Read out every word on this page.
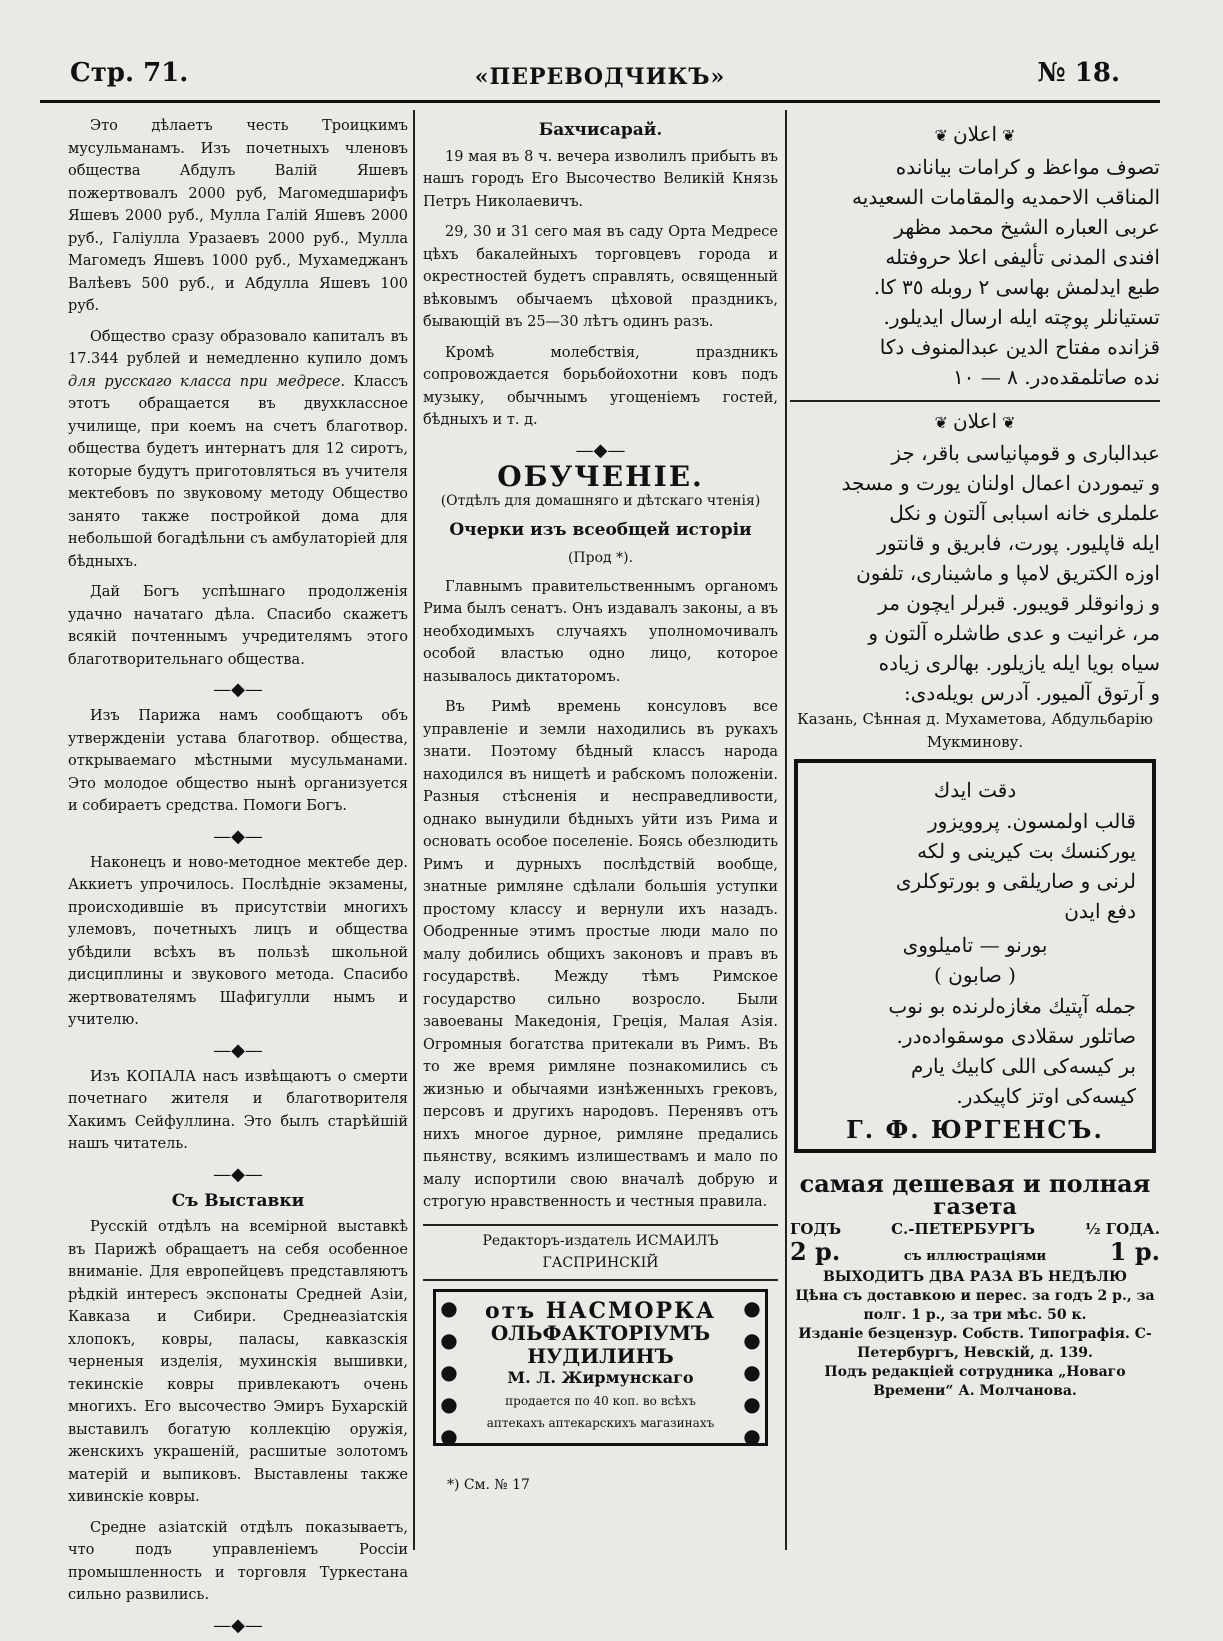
Стр. 71.	«ПЕРЕВОДЧИКЪ»	№ 18.

Это дѣлаетъ честь Троицкимъ мусульманамъ. Изъ почетныхъ членовъ общества Абдулъ Валій Яшевъ пожертвовалъ 2000 руб, Магомедшарифъ Яшевъ 2000 руб., Мулла Галій Яшевъ 2000 руб., Галіулла Уразаевъ 2000 руб., Мулла Магомедъ Яшевъ 1000 руб., Мухамеджанъ Валѣевъ 500 руб., и Абдулла Яшевъ 100 руб.

Общество сразу образовало капиталъ въ 17.344 рублей и немедленно купило домъ для русскаго класса при медресе. Классъ этотъ обращается въ двухклассное училище, при коемъ на счетъ благотвор. общества будетъ интернатъ для 12 сиротъ, которые будутъ приготовляться въ учителя мектебовъ по звуковому методу Общество занято также постройкой дома для небольшой богадѣльни съ амбулаторіей для бѣдныхъ.

Дай Богъ успѣшнаго продолженія удачно начатаго дѣла. Спасибо скажетъ всякій почтеннымъ учредителямъ этого благотворительнаго общества.

—◆—

Изъ Парижа намъ сообщаютъ объ утвержденіи устава благотвор. общества, открываемаго мѣстными мусульманами. Это молодое общество нынѣ организуется и собираетъ средства. Помоги Богъ.

—◆—

Наконецъ и ново-методное мектебе дер. Аккиетъ упрочилось. Послѣдніе экзамены, происходившіе въ присутствіи многихъ улемовъ, почетныхъ лицъ и общества убѣдили всѣхъ въ пользѣ школьной дисциплины и звукового метода. Спасибо жертвователямъ Шафигулли нымъ и учителю.

—◆—

Изъ КОПАЛА насъ извѣщаютъ о смерти почетнаго жителя и благотворителя Хакимъ Сейфуллина. Это былъ старѣйшій нашъ читатель.

—◆—
Съ Выставки

Русскій отдѣлъ на всемірной выставкѣ въ Парижѣ обращаетъ на себя особенное вниманіе. Для европейцевъ представляютъ рѣдкій интересъ экспонаты Средней Азіи, Кавказа и Сибири. Среднеазіатскія хлопокъ, ковры, паласы, кавказскія черненыя изделія, мухинскія вышивки, текинскіе ковры привлекаютъ очень многихъ. Его высочество Эмиръ Бухарскій выставилъ богатую коллекцію оружія, женскихъ украшеній, расшитые золотомъ матерій и выпиковъ. Выставлены также хивинскіе ковры.

Средне азіатскій отдѣлъ показываетъ, что подъ управленіемъ Россіи промышленность и торговля Туркестана сильно развились.

—◆—
Бахчисарай.

19 мая въ 8 ч. вечера изволилъ прибыть въ нашъ городъ Его Высочество Великій Князь Петръ Николаевичъ.

29, 30 и 31 сего мая въ саду Орта Медресе цѣхъ бакалейныхъ торговцевъ города и окрестностей будетъ справлять, освященный вѣковымъ обычаемъ цѣховой праздникъ, бывающій въ 25—30 лѣтъ одинъ разъ.

Кромѣ молебствія, праздникъ сопровождается борьбойохотни ковъ подъ музыку, обычнымъ угощеніемъ гостей, бѣдныхъ и т. д.

—◆—
ОБУЧЕНІЕ.
(Отдѣлъ для домашняго и дѣтскаго чтенія)
Очерки изъ всеобщей исторіи
(Прод *).

Главнымъ правительственнымъ органомъ Рима былъ сенатъ. Онъ издавалъ законы, а въ необходимыхъ случаяхъ уполномочивалъ особой властью одно лицо, которое называлось диктаторомъ.

Въ Римѣ времень консуловъ все управленіе и земли находились въ рукахъ знати. Поэтому бѣдный классъ народа находился въ нищетѣ и рабскомъ положеніи. Разныя стѣсненія и несправедливости, однако вынудили бѣдныхъ уйти изъ Рима и основать особое поселеніе. Боясь обезлюдить Римъ и дурныхъ послѣдствій вообще, знатные римляне сдѣлали большія уступки простому классу и вернули ихъ назадъ. Ободренные этимъ простые люди мало по малу добились общихъ законовъ и правъ въ государствѣ. Между тѣмъ Римское государство сильно возросло. Были завоеваны Македонія, Греція, Малая Азія. Огромныя богатства притекали въ Римъ. Въ то же время римляне познакомились съ жизнью и обычаями изнѣженныхъ грековъ, персовъ и другихъ народовъ. Перенявъ отъ нихъ многое дурное, римляне предались пьянству, всякимъ излишествамъ и мало по малу испортили свою вначалѣ добрую и строгую нравственность и честныя правила.

Редакторъ-издатель ИСМАИЛЪ ГАСПРИНСКІЙ
●
●
●
●
●
●
●
●
●
●
отъ НАСМОРКА
ОЛЬФАКТОРІУМЪ НУДИЛИНЪ
М. Л. Жирмунскаго
продается по 40 коп. во всѣхъ аптекахъ аптекарскихъ магазинахъ
*) См. № 17
❦ اعلان ❦
تصوف مواعظ و كرامات بيانانده
المناقب الاحمديه والمقامات السعيديه
عربى العباره الشيخ محمد مظهر
افندى المدنى تأليفى اعلا حروفتله
طبع ايدلمش بهاسى ٢ روبله ٣٥ كا.
تستيانلر پوچته ايله ارسال ايديلور.
قزانده مفتاح الدين عبدالمنوف دكا
نده صاتلمقده‌در. ٨ — ١٠
❦ اعلان ❦
عبدالبارى و قومپانياسى باقر، جز
و تيموردن اعمال اولنان يورت و مسجد
علملرى خانه اسبابى آلتون و نكل
ايله قاپليور. پورت، فابريق و قانتور
اوزه الكتريق لامپا و ماشينارى، تلفون
و زوانوقلر قويبور. قبرلر ايچون مر
مر، غرانيت و عدى طاشلره آلتون و
سياه بويا ايله يازيلور. بهالرى زياده
و آرتوق آلميور. آدرس بويله‌دى:
Казань, Сѣнная д. Мухаметова, Абдульбарію Мукминову.
دقت ايدك
قالب اولمسون. پروويزور
يوركنسك بت كيرينى و لكه
لرنى و صاريلقى و بورتوكلرى
دفع ايدن
بورنو — تاميلووى
( صابون )
جمله آپتيك مغازه‌لرنده بو نوب
صاتلور سقلادى موسقواده‌در.
بر كيسه‌كى اللى كابيك يارم
كيسه‌كى اوتز كاپيكدر.
Г. Ф. ЮРГЕНСЪ.
самая дешевая и полная
газета
ГОДЪ	С.-ПЕТЕРБУРГЪ	½ ГОДА.
2 р.	съ иллюстраціями	1 р.
ВЫХОДИТЪ ДВА РАЗА ВЪ НЕДѢЛЮ
Цѣна съ доставкою и перес. за годъ 2 р., за полг. 1 р., за три мѣс. 50 к.
Изданіе безцензур. Собств. Типографія. С-Петербургъ, Невскій, д. 139.
Подъ редакціей сотрудника „Новаго Времени“ А. Молчанова.
